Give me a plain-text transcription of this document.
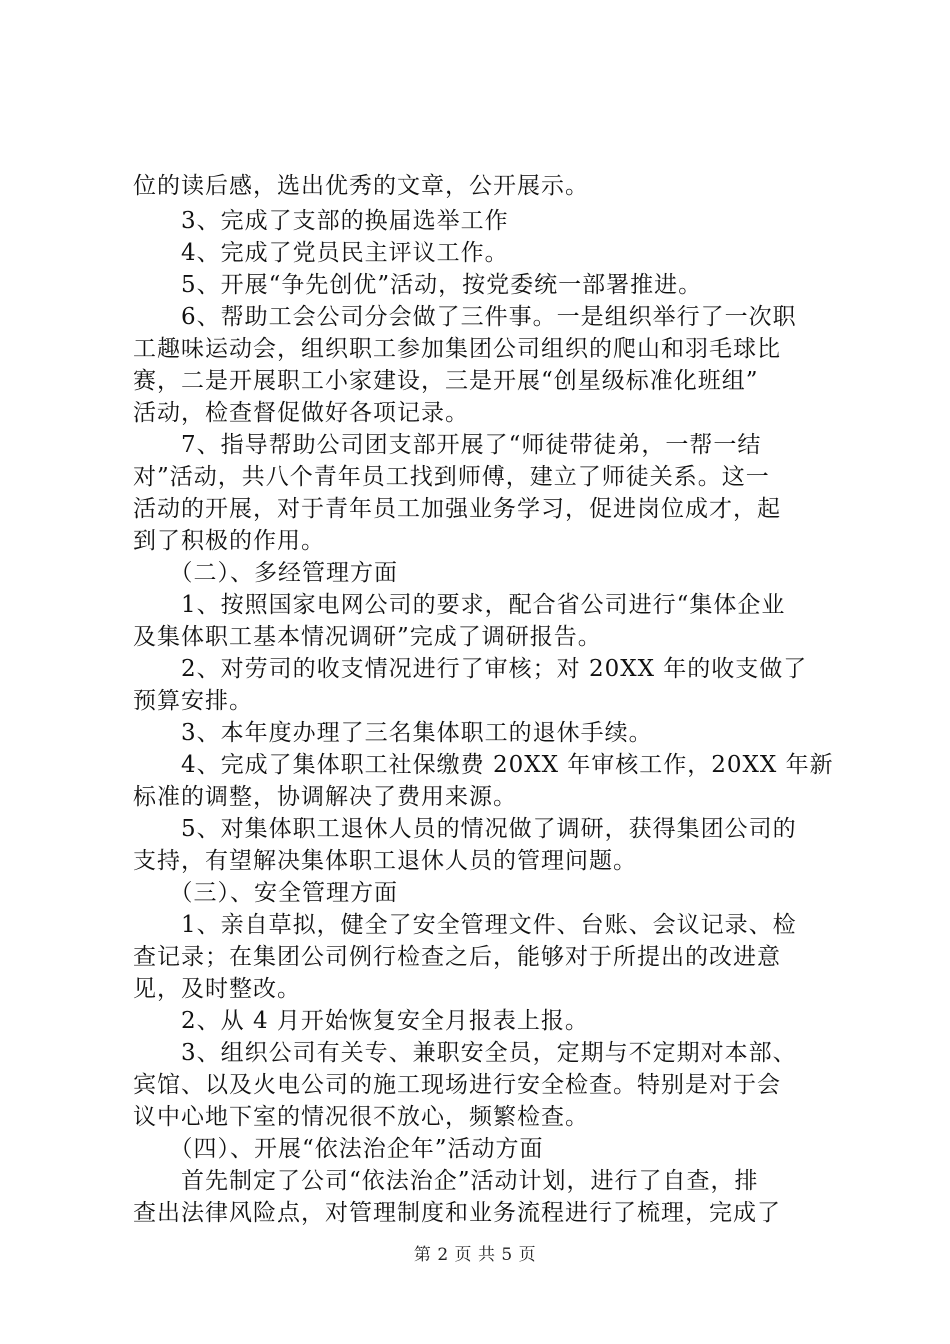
位的读后感，选出优秀的文章，公开展示。
　　3、完成了支部的换届选举工作
　　4、完成了党员民主评议工作。
　　5、开展“争先创优”活动，按党委统一部署推进。
　　6、帮助工会公司分会做了三件事。一是组织举行了一次职
工趣味运动会，组织职工参加集团公司组织的爬山和羽毛球比
赛，二是开展职工小家建设，三是开展“创星级标准化班组”
活动，检查督促做好各项记录。
　　7、指导帮助公司团支部开展了“师徒带徒弟，一帮一结
对”活动，共八个青年员工找到师傅，建立了师徒关系。这一
活动的开展，对于青年员工加强业务学习，促进岗位成才，起
到了积极的作用。
　　（二）、多经管理方面
　　1、按照国家电网公司的要求，配合省公司进行“集体企业
及集体职工基本情况调研”完成了调研报告。
　　2、对劳司的收支情况进行了审核；对 20XX 年的收支做了
预算安排。
　　3、本年度办理了三名集体职工的退休手续。
　　4、完成了集体职工社保缴费 20XX 年审核工作，20XX 年新
标准的调整，协调解决了费用来源。
　　5、对集体职工退休人员的情况做了调研，获得集团公司的
支持，有望解决集体职工退休人员的管理问题。
　　（三）、安全管理方面
　　1、亲自草拟，健全了安全管理文件、台账、会议记录、检
查记录；在集团公司例行检查之后，能够对于所提出的改进意
见，及时整改。
　　2、从 4 月开始恢复安全月报表上报。
　　3、组织公司有关专、兼职安全员，定期与不定期对本部、
宾馆、以及火电公司的施工现场进行安全检查。特别是对于会
议中心地下室的情况很不放心，频繁检查。
　　（四）、开展“依法治企年”活动方面
　　首先制定了公司“依法治企”活动计划，进行了自查，排
查出法律风险点，对管理制度和业务流程进行了梳理，完成了
第 2 页 共 5 页
